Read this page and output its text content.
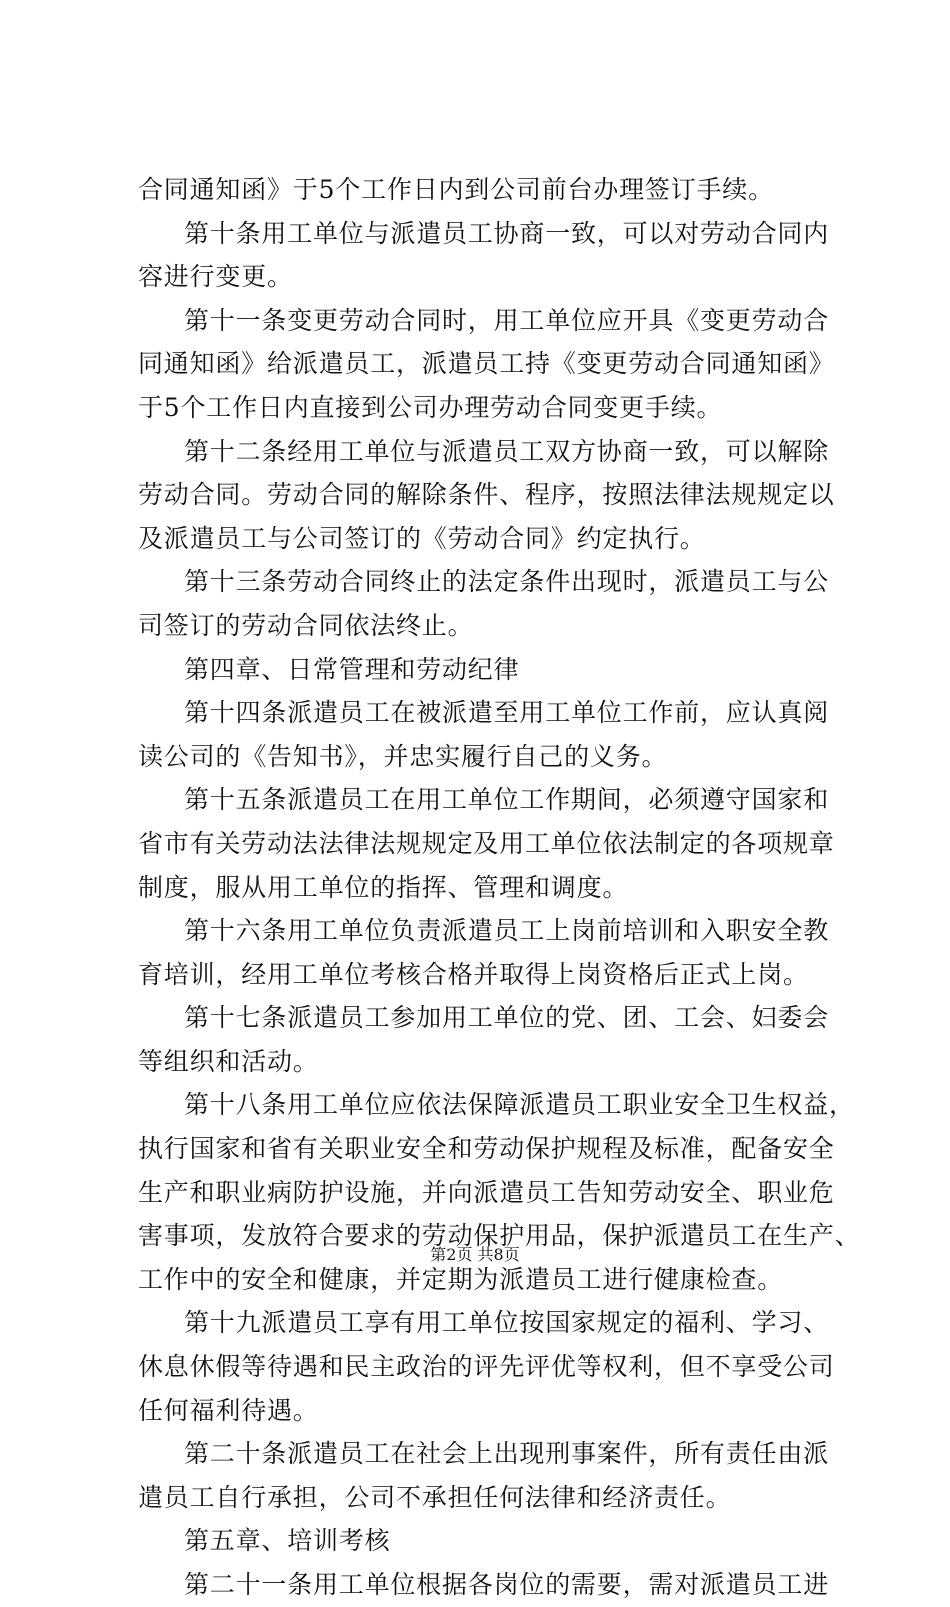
合同通知函》于5个工作日内到公司前台办理签订手续。
第十条用工单位与派遣员工协商一致，可以对劳动合同内
容进行变更。
第十一条变更劳动合同时，用工单位应开具《变更劳动合
同通知函》给派遣员工，派遣员工持《变更劳动合同通知函》
于5个工作日内直接到公司办理劳动合同变更手续。
第十二条经用工单位与派遣员工双方协商一致，可以解除
劳动合同。劳动合同的解除条件、程序，按照法律法规规定以
及派遣员工与公司签订的《劳动合同》约定执行。
第十三条劳动合同终止的法定条件出现时，派遣员工与公
司签订的劳动合同依法终止。
第四章、日常管理和劳动纪律
第十四条派遣员工在被派遣至用工单位工作前，应认真阅
读公司的《告知书》，并忠实履行自己的义务。
第十五条派遣员工在用工单位工作期间，必须遵守国家和
省市有关劳动法法律法规规定及用工单位依法制定的各项规章
制度，服从用工单位的指挥、管理和调度。
第十六条用工单位负责派遣员工上岗前培训和入职安全教
育培训，经用工单位考核合格并取得上岗资格后正式上岗。
第十七条派遣员工参加用工单位的党、团、工会、妇委会
等组织和活动。
第十八条用工单位应依法保障派遣员工职业安全卫生权益，
执行国家和省有关职业安全和劳动保护规程及标准，配备安全
生产和职业病防护设施，并向派遣员工告知劳动安全、职业危
害事项，发放符合要求的劳动保护用品，保护派遣员工在生产、
工作中的安全和健康，并定期为派遣员工进行健康检查。
第十九派遣员工享有用工单位按国家规定的福利、学习、
休息休假等待遇和民主政治的评先评优等权利，但不享受公司
任何福利待遇。
第二十条派遣员工在社会上出现刑事案件，所有责任由派
遣员工自行承担，公司不承担任何法律和经济责任。
第五章、培训考核
第二十一条用工单位根据各岗位的需要，需对派遣员工进
第2页 共8页
